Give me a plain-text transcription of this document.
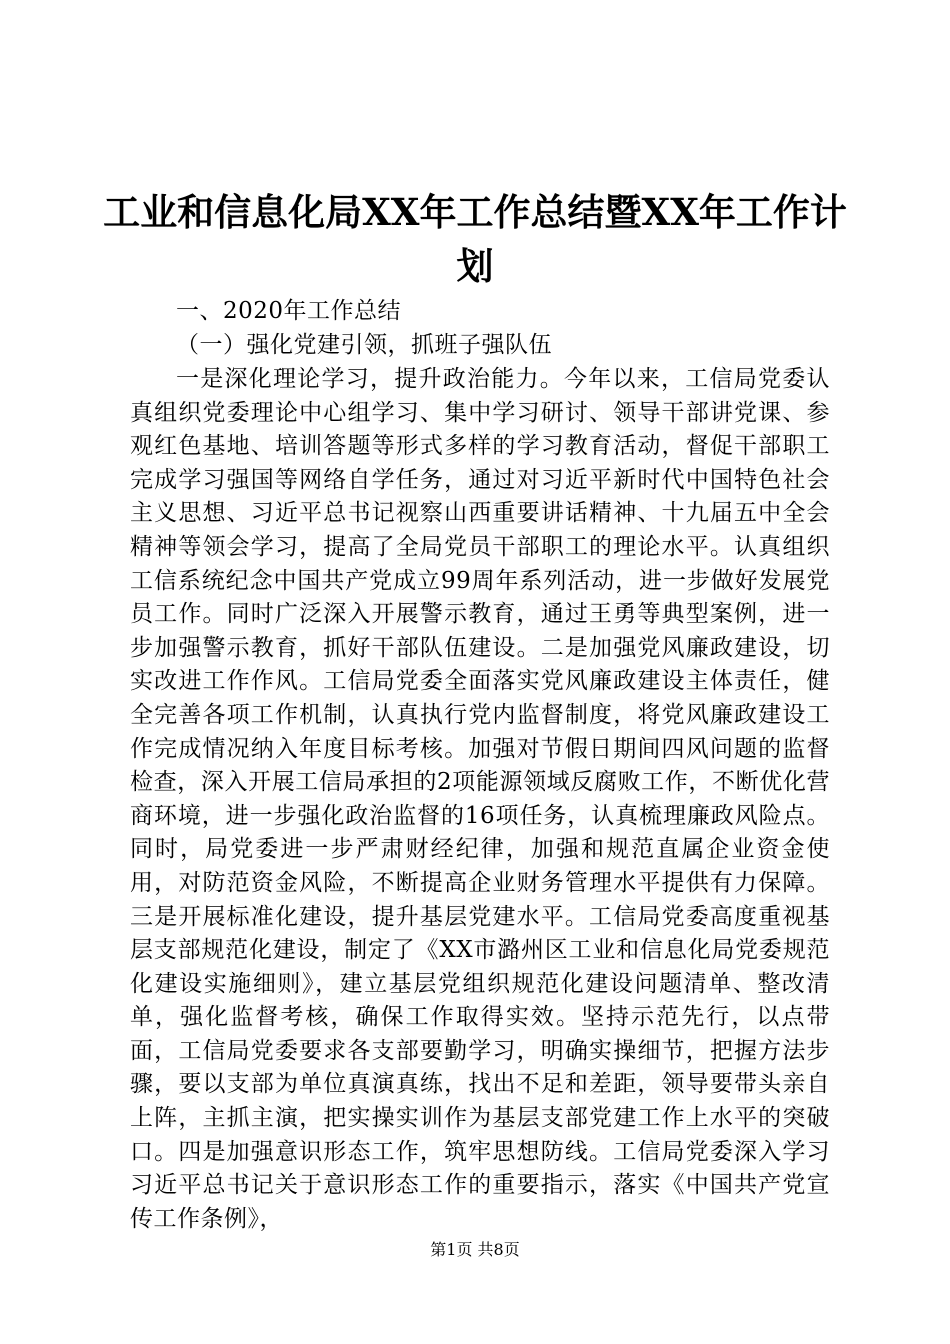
工业和信息化局XX年工作总结暨XX年工作计
划

一、2020年工作总结

（一）强化党建引领，抓班子强队伍

一是深化理论学习，提升政治能力。今年以来，工信局党委认真组织党委理论中心组学习、集中学习研讨、领导干部讲党课、参观红色基地、培训答题等形式多样的学习教育活动，督促干部职工完成学习强国等网络自学任务，通过对习近平新时代中国特色社会主义思想、习近平总书记视察山西重要讲话精神、十九届五中全会精神等领会学习，提高了全局党员干部职工的理论水平。认真组织工信系统纪念中国共产党成立99周年系列活动，进一步做好发展党员工作。同时广泛深入开展警示教育，通过王勇等典型案例，进一步加强警示教育，抓好干部队伍建设。二是加强党风廉政建设，切实改进工作作风。工信局党委全面落实党风廉政建设主体责任，健全完善各项工作机制，认真执行党内监督制度，将党风廉政建设工作完成情况纳入年度目标考核。加强对节假日期间四风问题的监督检查，深入开展工信局承担的2项能源领域反腐败工作，不断优化营商环境，进一步强化政治监督的16项任务，认真梳理廉政风险点。同时，局党委进一步严肃财经纪律，加强和规范直属企业资金使用，对防范资金风险，不断提高企业财务管理水平提供有力保障。三是开展标准化建设，提升基层党建水平。工信局党委高度重视基层支部规范化建设，制定了《XX市潞州区工业和信息化局党委规范化建设实施细则》，建立基层党组织规范化建设问题清单、整改清单，强化监督考核，确保工作取得实效。坚持示范先行，以点带面，工信局党委要求各支部要勤学习，明确实操细节，把握方法步骤，要以支部为单位真演真练，找出不足和差距，领导要带头亲自上阵，主抓主演，把实操实训作为基层支部党建工作上水平的突破口。四是加强意识形态工作，筑牢思想防线。工信局党委深入学习习近平总书记关于意识形态工作的重要指示，落实《中国共产党宣传工作条例》，

第1页 共8页
